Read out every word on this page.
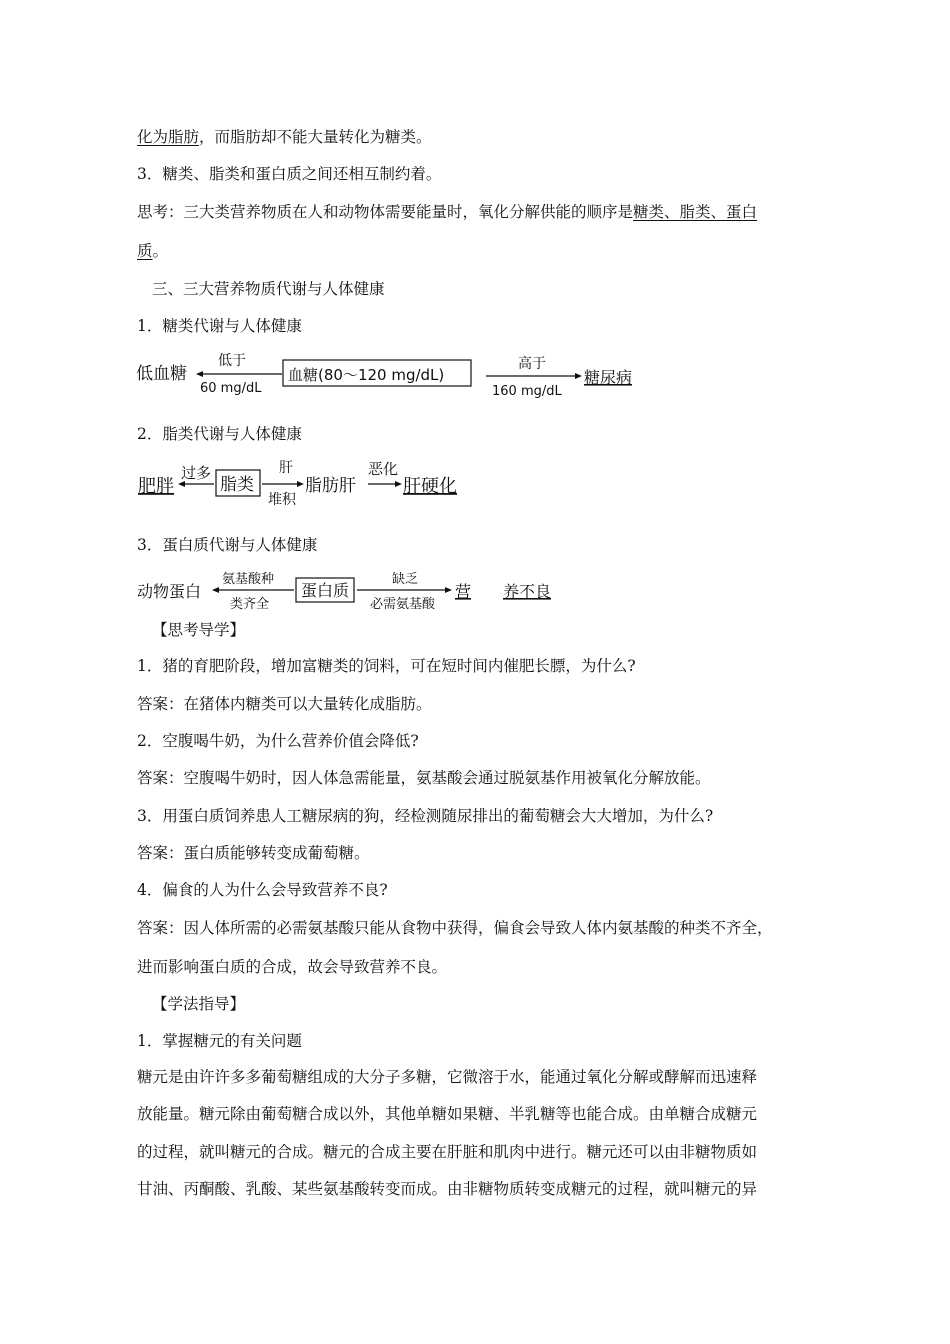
化为脂肪，而脂肪却不能大量转化为糖类。
3．糖类、脂类和蛋白质之间还相互制约着。
思考：三大类营养物质在人和动物体需要能量时，氧化分解供能的顺序是糖类、脂类、蛋白
质。
三、三大营养物质代谢与人体健康
1．糖类代谢与人体健康
低血糖
低于
60 mg/dL
血糖(80～120 mg/dL)
高于
160 mg/dL
糖尿病
2．脂类代谢与人体健康
肥胖
过多
脂类
肝
堆积
脂肪肝
恶化
肝硬化
3．蛋白质代谢与人体健康
动物蛋白
氨基酸种
类齐全
蛋白质
缺乏
必需氨基酸
营 养不良
【思考导学】
1．猪的育肥阶段，增加富糖类的饲料，可在短时间内催肥长膘，为什么?
答案：在猪体内糖类可以大量转化成脂肪。
2．空腹喝牛奶，为什么营养价值会降低?
答案：空腹喝牛奶时，因人体急需能量，氨基酸会通过脱氨基作用被氧化分解放能。
3．用蛋白质饲养患人工糖尿病的狗，经检测随尿排出的葡萄糖会大大增加，为什么?
答案：蛋白质能够转变成葡萄糖。
4．偏食的人为什么会导致营养不良?
答案：因人体所需的必需氨基酸只能从食物中获得，偏食会导致人体内氨基酸的种类不齐全，
进而影响蛋白质的合成，故会导致营养不良。
【学法指导】
1．掌握糖元的有关问题
糖元是由许许多多葡萄糖组成的大分子多糖，它微溶于水，能通过氧化分解或酵解而迅速释
放能量。糖元除由葡萄糖合成以外，其他单糖如果糖、半乳糖等也能合成。由单糖合成糖元
的过程，就叫糖元的合成。糖元的合成主要在肝脏和肌肉中进行。糖元还可以由非糖物质如
甘油、丙酮酸、乳酸、某些氨基酸转变而成。由非糖物质转变成糖元的过程，就叫糖元的异
